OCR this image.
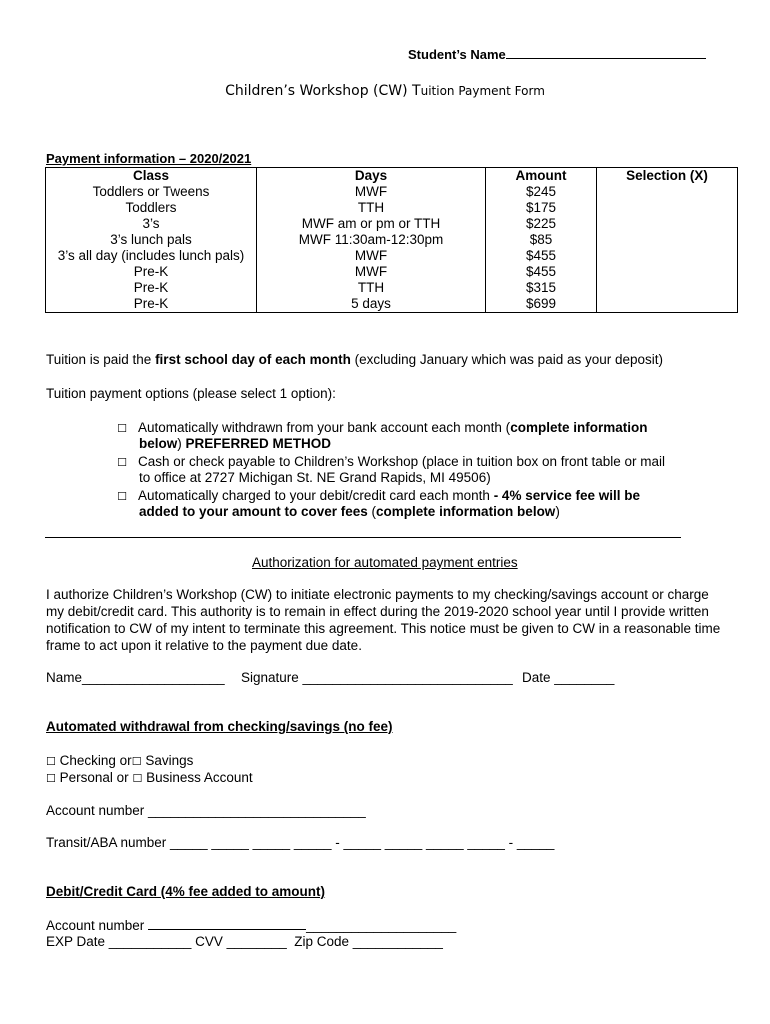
Student’s Name
Children’s Workshop (CW) Tuition Payment Form
Payment information – 2020/2021
Class	Days	Amount	Selection (X)
Toddlers or Tweens	MWF	$245	
Toddlers	TTH	$175	
3’s	MWF am or pm or TTH	$225	
3’s lunch pals	MWF 11:30am-12:30pm	$85	
3’s all day (includes lunch pals)	MWF	$455	
Pre-K	MWF	$455	
Pre-K	TTH	$315	
Pre-K	5 days	$699	
Tuition is paid the first school day of each month (excluding January which was paid as your deposit)
Tuition payment options (please select 1 option):
☐ Automatically withdrawn from your bank account each month (complete information
below) PREFERRED METHOD
☐ Cash or check payable to Children’s Workshop (place in tuition box on front table or mail
to office at 2727 Michigan St. NE Grand Rapids, MI 49506)
☐ Automatically charged to your debit/credit card each month - 4% service fee will be
added to your amount to cover fees (complete information below)
Authorization for automated payment entries
I authorize Children’s Workshop (CW) to initiate electronic payments to my checking/savings account or charge
my debit/credit card. This authority is to remain in effect during the 2019-2020 school year until I provide written
notification to CW of my intent to terminate this agreement. This notice must be given to CW in a reasonable time
frame to act upon it relative to the payment due date.
Name___________________ Signature ____________________________ Date ________
Automated withdrawal from checking/savings (no fee)
☐ Checking or☐ Savings
☐ Personal or ☐ Business Account
Account number _____________________________
Transit/ABA number _____ _____ _____ _____ - _____ _____ _____ _____ - _____
Debit/Credit Card (4% fee added to amount)
Account number	____________________
EXP Date ___________ CVV ________ Zip Code ____________
